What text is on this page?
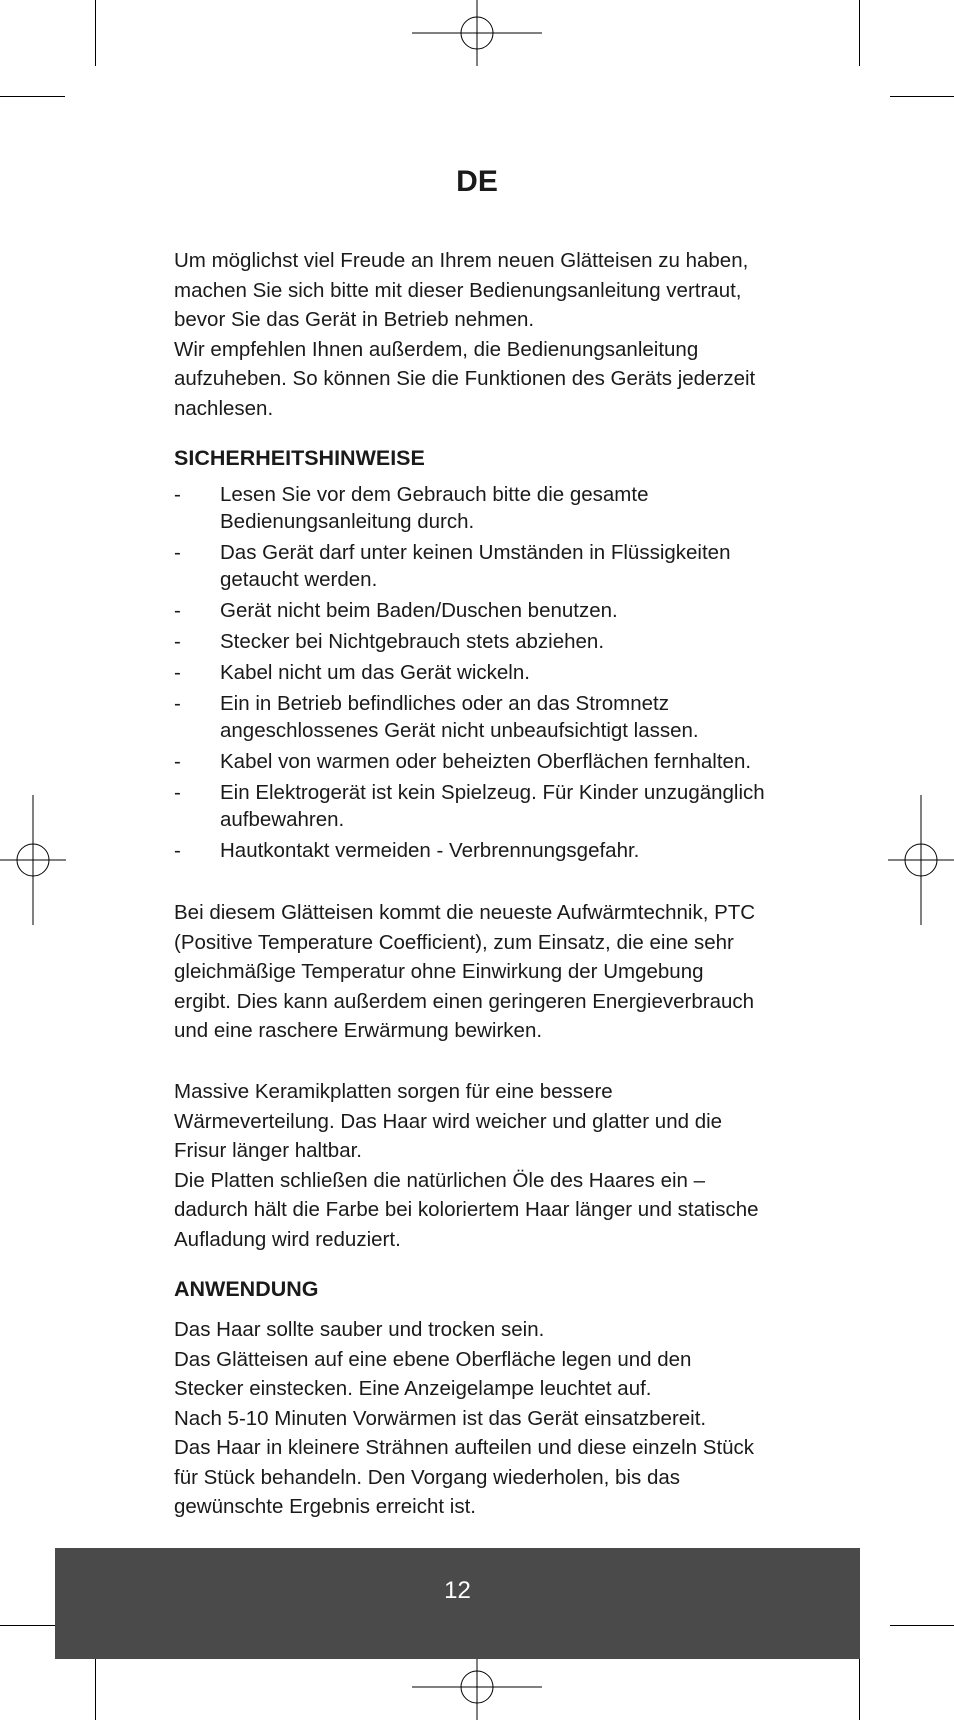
DE
Um möglichst viel Freude an Ihrem neuen Glätteisen zu haben,
machen Sie sich bitte mit dieser Bedienungsanleitung vertraut,
bevor Sie das Gerät in Betrieb nehmen.
Wir empfehlen Ihnen außerdem, die Bedienungsanleitung
aufzuheben. So können Sie die Funktionen des Geräts jederzeit
nachlesen.
SICHERHEITSHINWEISE
- Lesen Sie vor dem Gebrauch bitte die gesamte
Bedienungsanleitung durch.
- Das Gerät darf unter keinen Umständen in Flüssigkeiten
getaucht werden.
- Gerät nicht beim Baden/Duschen benutzen.
- Stecker bei Nichtgebrauch stets abziehen.
- Kabel nicht um das Gerät wickeln.
- Ein in Betrieb befindliches oder an das Stromnetz
angeschlossenes Gerät nicht unbeaufsichtigt lassen.
- Kabel von warmen oder beheizten Oberflächen fernhalten.
- Ein Elektrogerät ist kein Spielzeug. Für Kinder unzugänglich
aufbewahren.
- Hautkontakt vermeiden - Verbrennungsgefahr.
Bei diesem Glätteisen kommt die neueste Aufwärmtechnik, PTC
(Positive Temperature Coefficient), zum Einsatz, die eine sehr
gleichmäßige Temperatur ohne Einwirkung der Umgebung
ergibt. Dies kann außerdem einen geringeren Energieverbrauch
und eine raschere Erwärmung bewirken.
Massive Keramikplatten sorgen für eine bessere
Wärmeverteilung. Das Haar wird weicher und glatter und die
Frisur länger haltbar.
Die Platten schließen die natürlichen Öle des Haares ein –
dadurch hält die Farbe bei koloriertem Haar länger und statische
Aufladung wird reduziert.
ANWENDUNG
Das Haar sollte sauber und trocken sein.
Das Glätteisen auf eine ebene Oberfläche legen und den
Stecker einstecken. Eine Anzeigelampe leuchtet auf.
Nach 5-10 Minuten Vorwärmen ist das Gerät einsatzbereit.
Das Haar in kleinere Strähnen aufteilen und diese einzeln Stück
für Stück behandeln. Den Vorgang wiederholen, bis das
gewünschte Ergebnis erreicht ist.
12
